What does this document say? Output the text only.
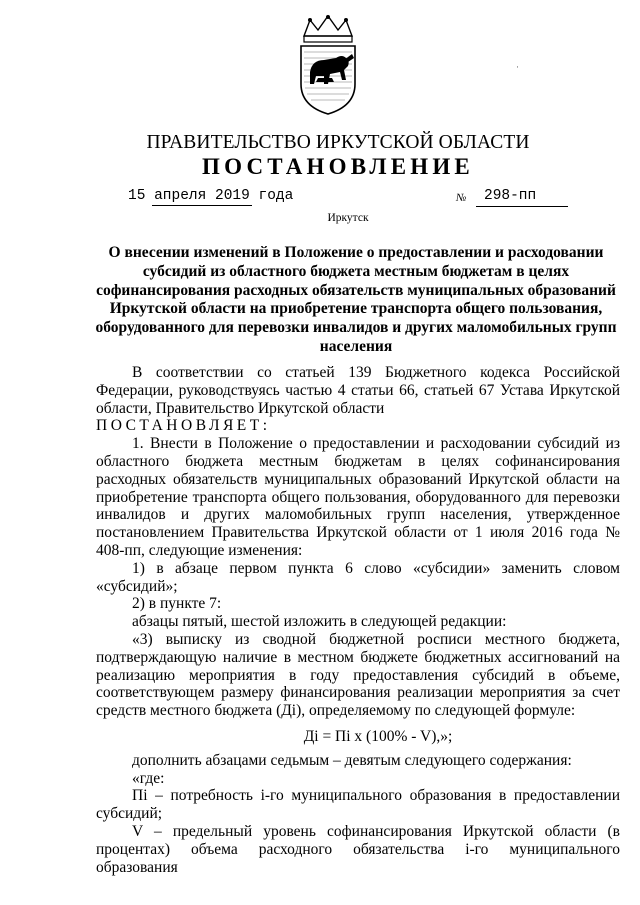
·
ПРАВИТЕЛЬСТВО ИРКУТСКОЙ ОБЛАСТИ
ПОСТАНОВЛЕНИЕ
15 апреля 2019 года	№ 298-пп
Иркутск
О внесении изменений в Положение о предоставлении и расходовании субсидий из областного бюджета местным бюджетам в целях софинансирования расходных обязательств муниципальных образований Иркутской области на приобретение транспорта общего пользования, оборудованного для перевозки инвалидов и других маломобильных групп населения

В соответствии со статьей 139 Бюджетного кодекса Российской Федерации, руководствуясь частью 4 статьи 66, статьей 67 Устава Иркутской области, Правительство Иркутской области

ПОСТАНОВЛЯЕТ:

1. Внести в Положение о предоставлении и расходовании субсидий из областного бюджета местным бюджетам в целях софинансирования расходных обязательств муниципальных образований Иркутской области на приобретение транспорта общего пользования, оборудованного для перевозки инвалидов и других маломобильных групп населения, утвержденное постановлением Правительства Иркутской области от 1 июля 2016 года № 408-пп, следующие изменения:

1) в абзаце первом пункта 6 слово «субсидии» заменить словом «субсидий»;

2) в пункте 7:

абзацы пятый, шестой изложить в следующей редакции:

«3) выписку из сводной бюджетной росписи местного бюджета, подтверждающую наличие в местном бюджете бюджетных ассигнований на реализацию мероприятия в году предоставления субсидий в объеме, соответствующем размеру финансирования реализации мероприятия за счет средств местного бюджета (Дi), определяемому по следующей формуле:

Дi = Пi x (100% - V),»;

дополнить абзацами седьмым – девятым следующего содержания:

«где:

Пi – потребность i-го муниципального образования в предоставлении субсидий;

V – предельный уровень софинансирования Иркутской области (в процентах) объема расходного обязательства i-го муниципального образования
